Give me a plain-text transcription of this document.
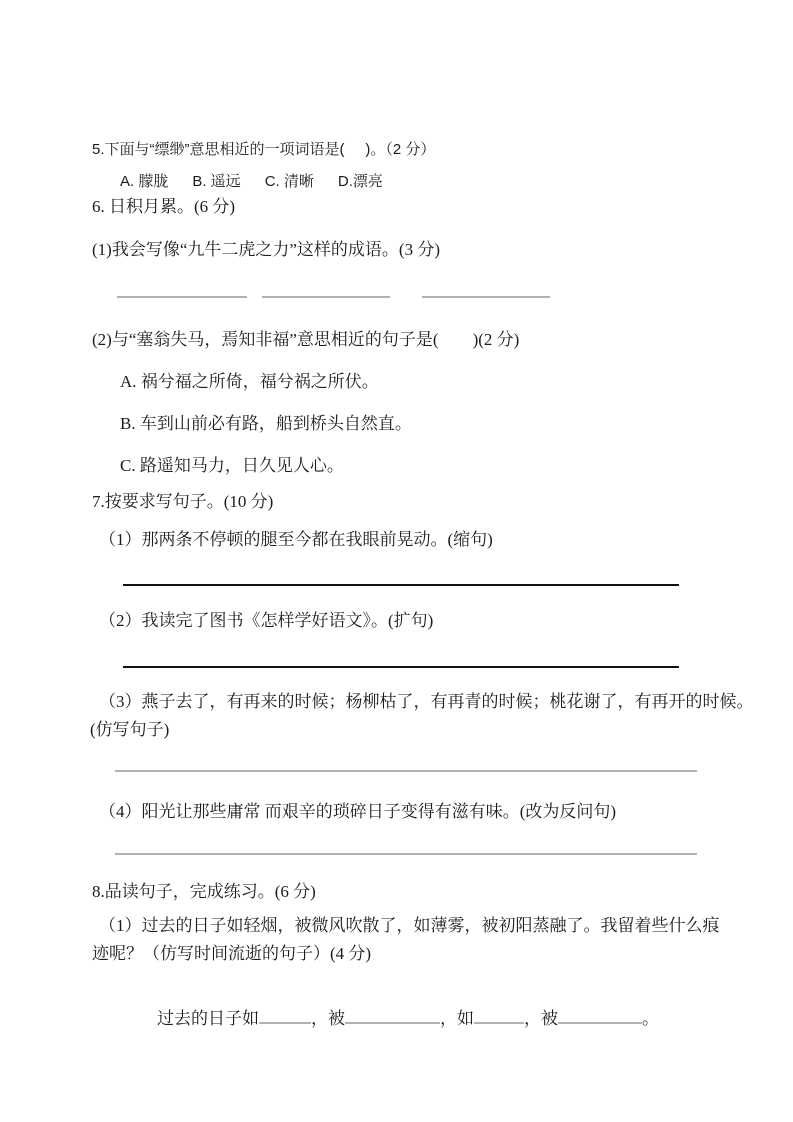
5.下面与“缥缈”意思相近的一项词语是(     )。（2 分）
A. 朦胧 B. 遥远 C. 清晰 D.漂亮
6. 日积月累。(6 分)
(1)我会写像“九牛二虎之力”这样的成语。(3 分)
(2)与“塞翁失马，焉知非福”意思相近的句子是(        )(2 分)
A. 祸兮福之所倚，福兮祸之所伏。
B. 车到山前必有路，船到桥头自然直。
C. 路遥知马力，日久见人心。
7.按要求写句子。(10 分)
（1）那两条不停顿的腿至今都在我眼前晃动。(缩句)
（2）我读完了图书《怎样学好语文》。(扩句)
（3）燕子去了，有再来的时候；杨柳枯了，有再青的时候；桃花谢了，有再开的时候。
(仿写句子)
（4）阳光让那些庸常 而艰辛的琐碎日子变得有滋有味。(改为反问句)
8.品读句子，完成练习。(6 分)
（1）过去的日子如轻烟，被微风吹散了，如薄雾，被初阳蒸融了。我留着些什么痕
迹呢？（仿写时间流逝的句子）(4 分)

过去的日子如	，被	，如	，被	。
